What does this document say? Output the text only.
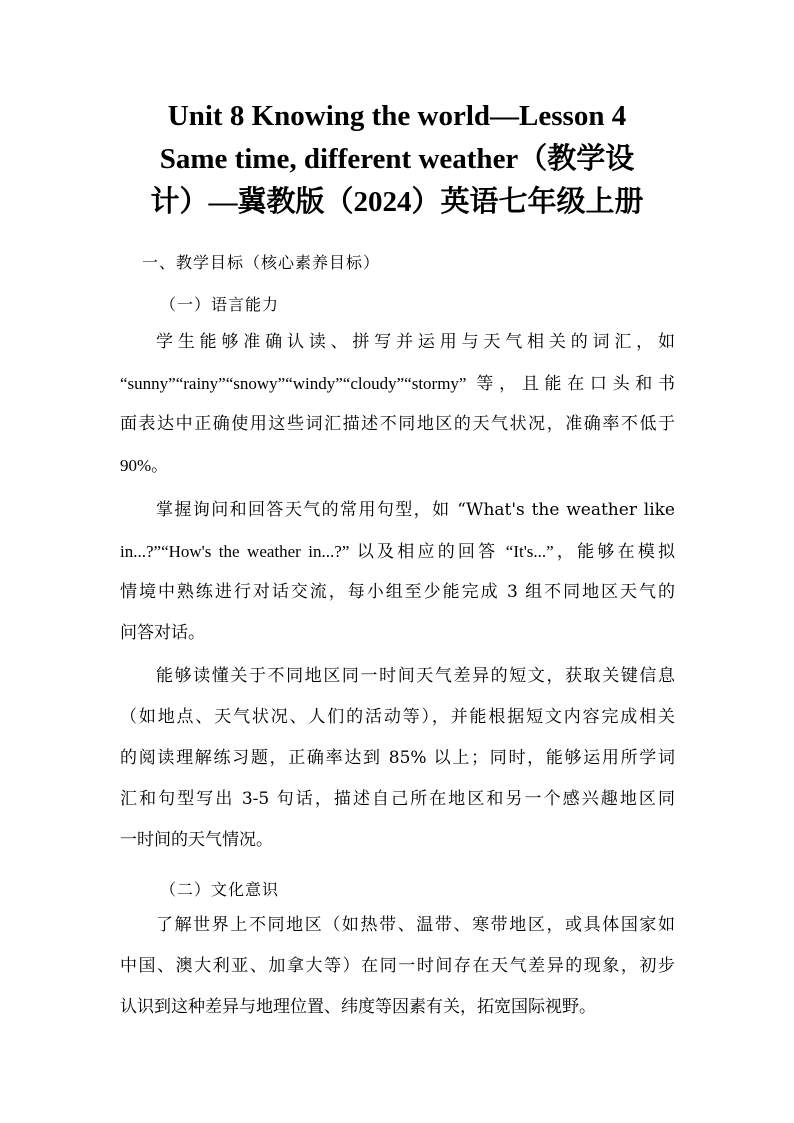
Unit 8 Knowing the world—Lesson 4
Same time, different weather（教学设
计）—冀教版（2024）英语七年级上册
一、教学目标（核心素养目标）
（一）语言能力
学生能够准确认读、拼写并运用与天气相关的词汇，如
“sunny”“rainy”“snowy”“windy”“cloudy”“stormy” 等，且能在口头和书
面表达中正确使用这些词汇描述不同地区的天气状况，准确率不低于
90%。
掌握询问和回答天气的常用句型，如 “What's the weather like
in...?”“How's the weather in...?” 以及相应的回答 “It's...”，能够在模拟
情境中熟练进行对话交流，每小组至少能完成 3 组不同地区天气的
问答对话。
能够读懂关于不同地区同一时间天气差异的短文，获取关键信息
（如地点、天气状况、人们的活动等），并能根据短文内容完成相关
的阅读理解练习题，正确率达到 85% 以上；同时，能够运用所学词
汇和句型写出 3-5 句话，描述自己所在地区和另一个感兴趣地区同
一时间的天气情况。
（二）文化意识
了解世界上不同地区（如热带、温带、寒带地区，或具体国家如
中国、澳大利亚、加拿大等）在同一时间存在天气差异的现象，初步
认识到这种差异与地理位置、纬度等因素有关，拓宽国际视野。
